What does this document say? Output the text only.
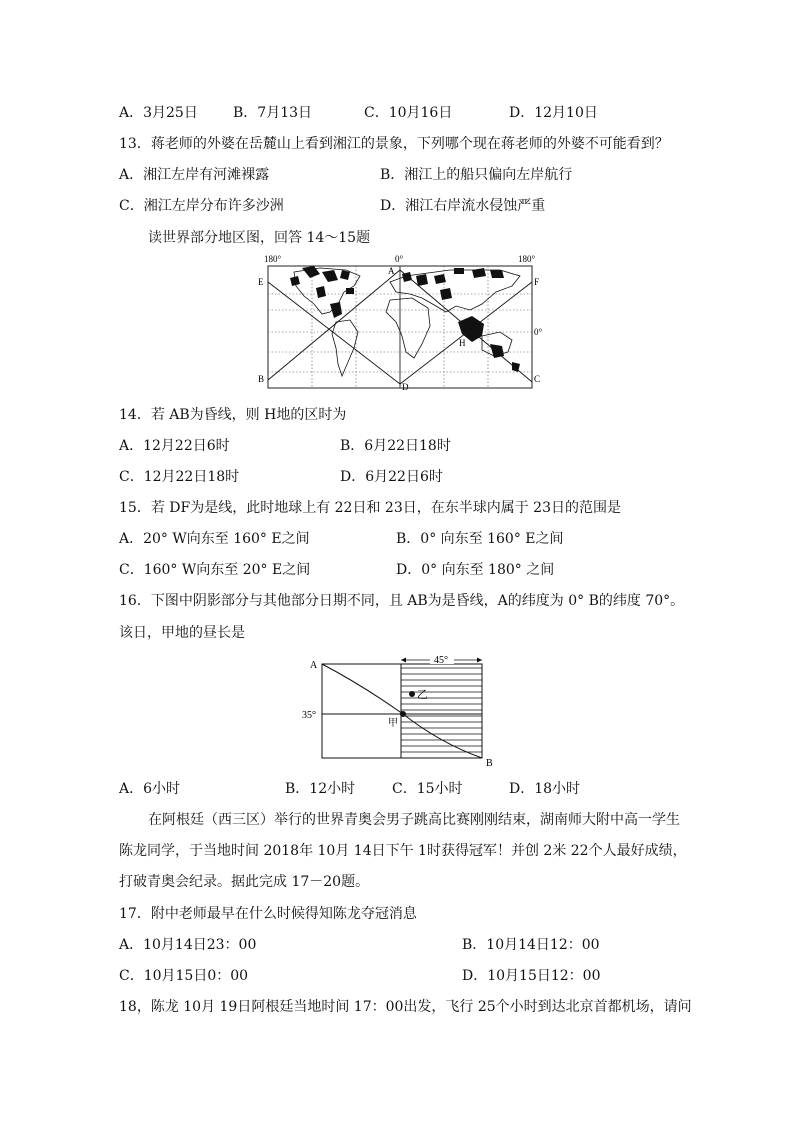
A．3月25日	B．7月13日	C．10月16日	D．12月10日
13．蒋老师的外婆在岳麓山上看到湘江的景象，下列哪个现在蒋老师的外婆不可能看到？
A．湘江左岸有河滩裸露	B．湘江上的船只偏向左岸航行
C．湘江左岸分布许多沙洲	D．湘江右岸流水侵蚀严重
读世界部分地区图，回答 14～15题
180°	0°	180°
0°
E
A
F
B
D
C
H
14．若 AB为昏线，则 H地的区时为
A．12月22日6时	B．6月22日18时
C．12月22日18时	D．6月22日6时
15．若 DF为是线，此时地球上有 22日和 23日，在东半球内属于 23日的范围是
A．20° W向东至 160° E之间	B．0° 向东至 160° E之间
C．160° W向东至 20° E之间	D．0° 向东至 180° 之间
16．下图中阴影部分与其他部分日期不同，且 AB为是昏线，A的纬度为 0° B的纬度 70°。
该日，甲地的昼长是
A
B
35°
45°
乙
甲
A．6小时	B．12小时	C．15小时	D．18小时
在阿根廷（西三区）举行的世界青奥会男子跳高比赛刚刚结束，湖南师大附中高一学生
陈龙同学，于当地时间 2018年 10月 14日下午 1时获得冠军！并创 2米 22个人最好成绩，
打破青奥会纪录。据此完成 17－20题。
17．附中老师最早在什么时候得知陈龙夺冠消息
A．10月14日23：00	B．10月14日12：00
C．10月15日0：00	D．10月15日12：00
18，陈龙 10月 19日阿根廷当地时间 17：00出发，飞行 25个小时到达北京首都机场，请问
